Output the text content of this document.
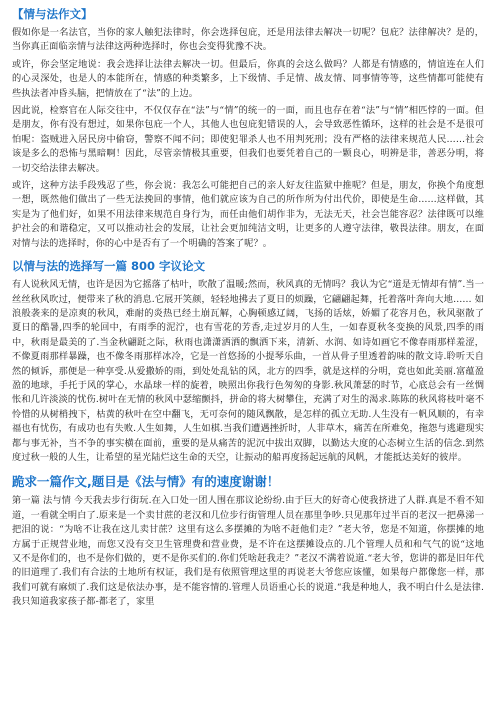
【情与法作文】

假如你是一名法官，当你的家人触犯法律时，你会选择包庇，还是用法律去解决一切呢？包庇？法律解决？是的，当你真正面临亲情与法律这两种选择时，你也会变得犹豫不决。

或许，你会坚定地说：我会选择让法律去解决一切。但最后，你真的会这么做吗？人都是有情感的，情谊连在人们的心灵深处，也是人的本能所在，情感的种类繁多，上下级情、手足情、战友情、同事情等等，这些情都可能使有些执法者冲昏头脑，把情放在了“法”的上边。

因此说，检察官在人际交往中，不仅仅存在“法”与“情”的统一的一面，而且也存在着“法”与“情”相匹悖的一面。但是朋友，你有没有想过，如果你包庇一个人，其他人也包庇犯错误的人，会导致恶性循环，这样的社会是不是很可怕呢：盗贼进入居民房中偷窃，警察不闻不问；即使犯罪杀人也不用判死刑；没有严格的法律来规范人民……社会该是多么的恐怖与黑暗啊！因此，尽管亲情极其重要，但我们也要凭着自己的一颗良心，明辨是非，善恶分明，将一切交给法律去解决。

或许，这种方法手段残忍了些，你会说：我怎么可能把自己的亲人好友往监狱中推呢？但是，朋友，你换个角度想一想，既然他们做出了一些无法挽回的事情，他们就应该为自己的所作所为付出代价，即使是生命……这样做，其实是为了他们好，如果不用法律来规范自身行为，而任由他们胡作非为，无法无天，社会岂能容忍？法律既可以维护社会的和谐稳定，又可以推动社会的发展，让社会更加纯洁文明，让更多的人遵守法律，敬畏法律。朋友，在面对情与法的选择时，你的心中是否有了一个明确的答案了呢？。

以情与法的选择写一篇 800 字议论文

有人说秋风无情，也许是因为它摇落了枯叶，吹散了温暖;然而，秋风真的无情吗？我认为它“道是无情却有情”.当一丝丝秋风吹过，便带来了秋的消息.它展开笑颜，轻轻地拂去了夏日的烦躁，它翩翩起舞，托着落叶奔向大地…… 如浪般袭来的是凉爽的秋风，难耐的炎热已经土崩瓦解，心胸顿感辽阔，飞扬的话炫，娇媚了花容月色，秋风驱散了夏日的酷暑,四季的轮回中，有雨季的泥泞，也有雪花的芳香,走过岁月的人生，一如春夏秋冬变换的风景,四季的雨中，秋雨是最美的了.当金秋翩跹之际，秋雨也潇潇洒洒的飘洒下来，清新、水润、如诗如画它不像春雨那样羞涩，不像夏雨那样暴躁，也不像冬雨那样冰冷，它是一首悠扬的小提琴乐曲，一首从骨子里透着韵味的散文诗.聆听天自然的倾诉，那便是一种享受.从爱撒娇的雨，到处处乱钻的风，北方的四季，就是这样的分明，竟也如此美丽.富蕴盈盈的地球，手托于风的掌心，水晶球一样的旋着，映照出你我行色匆匆的身影.秋风萧瑟的时节，心底总会有一丝惆怅和几许淡淡的忧伤.树叶在无情的秋风中瑟缩颤抖，拼命的将大树攀住，充满了对生的渴求.陈陈的秋风将枝叶毫不怜惜的从树梢拽下，枯黄的秋叶在空中翻飞，无可奈何的随风飘散，是怎样的孤立无助.人生没有一帆风顺的，有幸福也有忧伤，有成功也有失败.人生如舞，人生如棋.当我们遭遇挫折时，人非草木，痛苦在所难免，拖怨与逃避现实都与事无补，当不争的事实横在面前，重要的是从痛苦的泥沉中拔出双脚，以勤达大度的心态树立生活的信念.到然度过秋一般的人生，让希望的星光陆烂这生命的天空，让振动的船再度扬起远航的风帆，才能抵达美好的彼岸。

跪求一篇作文,题目是《法与情》有的速度谢谢！

第一篇 法与情 今天我去步行街玩.在入口处一团人围在那议论纷纷.由于巨大的好奇心使我挤进了人群.真是不看不知道，一看就全明白了.原来是一个卖甘蔗的老汉和几位步行街管理人员在那里争吵.只见那年过半百的老汉一把鼻涕一把泪的说：“为啥不让我在这儿卖甘蔗？这里有这么多摆摊的为啥不赶他们走？”老大爷，您是不知道，你摆摊的地方属于正规营业地，而您又没有交卫生管理费和营业费，是不许在这摆摊设点的.几个管理人员和和气气的说“这地又不是你们的，也不是你们做的，更不是你买们的.你们凭啥赶我走？”老汉不满着说道.“老大爷，您讲的都是旧年代的旧道理了.我们有合法的土地所有权证，我们是有依照管理这里的再说老大爷您应该懂，如果每户都像您一样，那我们可就有麻烦了.我们这是依法办事，是不能容情的.管理人员语重心长的说道.“我是种地人，我不明白什么是法律.我只知道我家孩子都-都老了，家里
